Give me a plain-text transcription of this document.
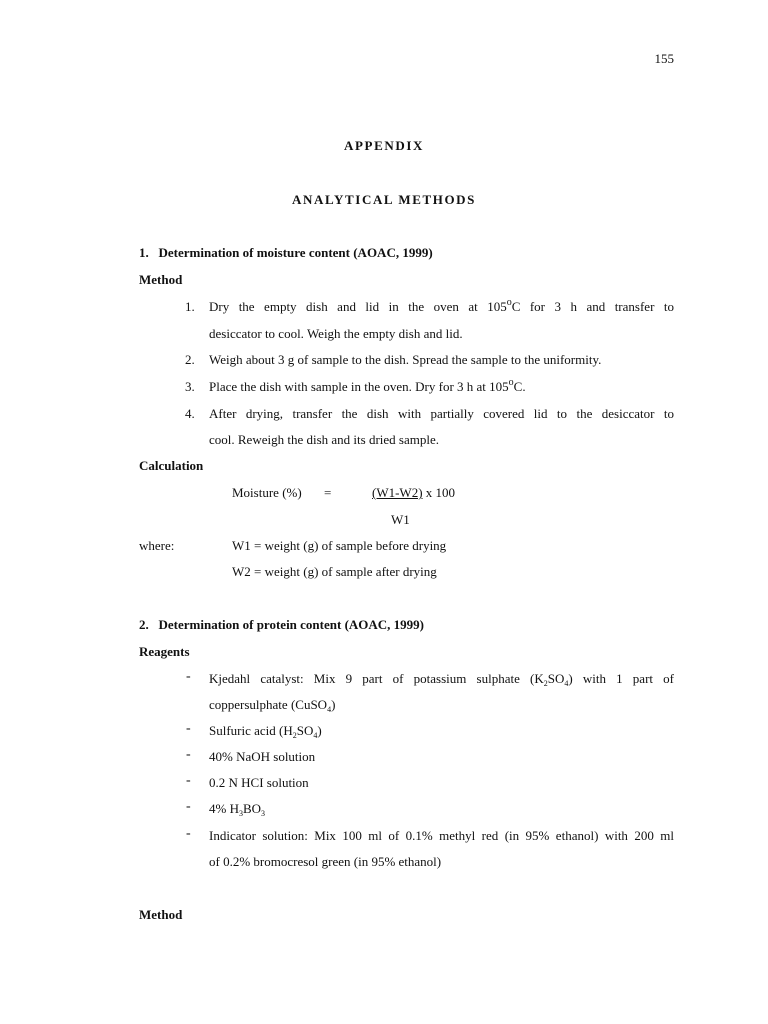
155
APPENDIX
ANALYTICAL METHODS
1.   Determination of moisture content (AOAC, 1999)
Method
1. Dry the empty dish and lid in the oven at 105$^o$C for 3 h and transfer to
desiccator to cool. Weigh the empty dish and lid.
2. Weigh about 3 g of sample to the dish. Spread the sample to the uniformity.
3. Place the dish with sample in the oven. Dry for 3 h at 105$^o$C.
4. After drying, transfer the dish with partially covered lid to the desiccator to
cool. Reweigh the dish and its dried sample.
Calculation
Moisture (%) =	(W1-W2) x 100
W1
where:	W1 = weight (g) of sample before drying
W2 = weight (g) of sample after drying
2.   Determination of protein content (AOAC, 1999)
Reagents
- Kjedahl catalyst: Mix 9 part of potassium sulphate $(K_2SO_4)$ with 1 part of
coppersulphate (CuSO$_4$)
- Sulfuric acid $(H_2SO_4)$
- 40% NaOH solution
- 0.2 N HCI solution
- 4% $H_3BO_3$
- Indicator solution: Mix 100 ml of 0.1% methyl red (in 95% ethanol) with 200 ml
of 0.2% bromocresol green (in 95% ethanol)
Method
